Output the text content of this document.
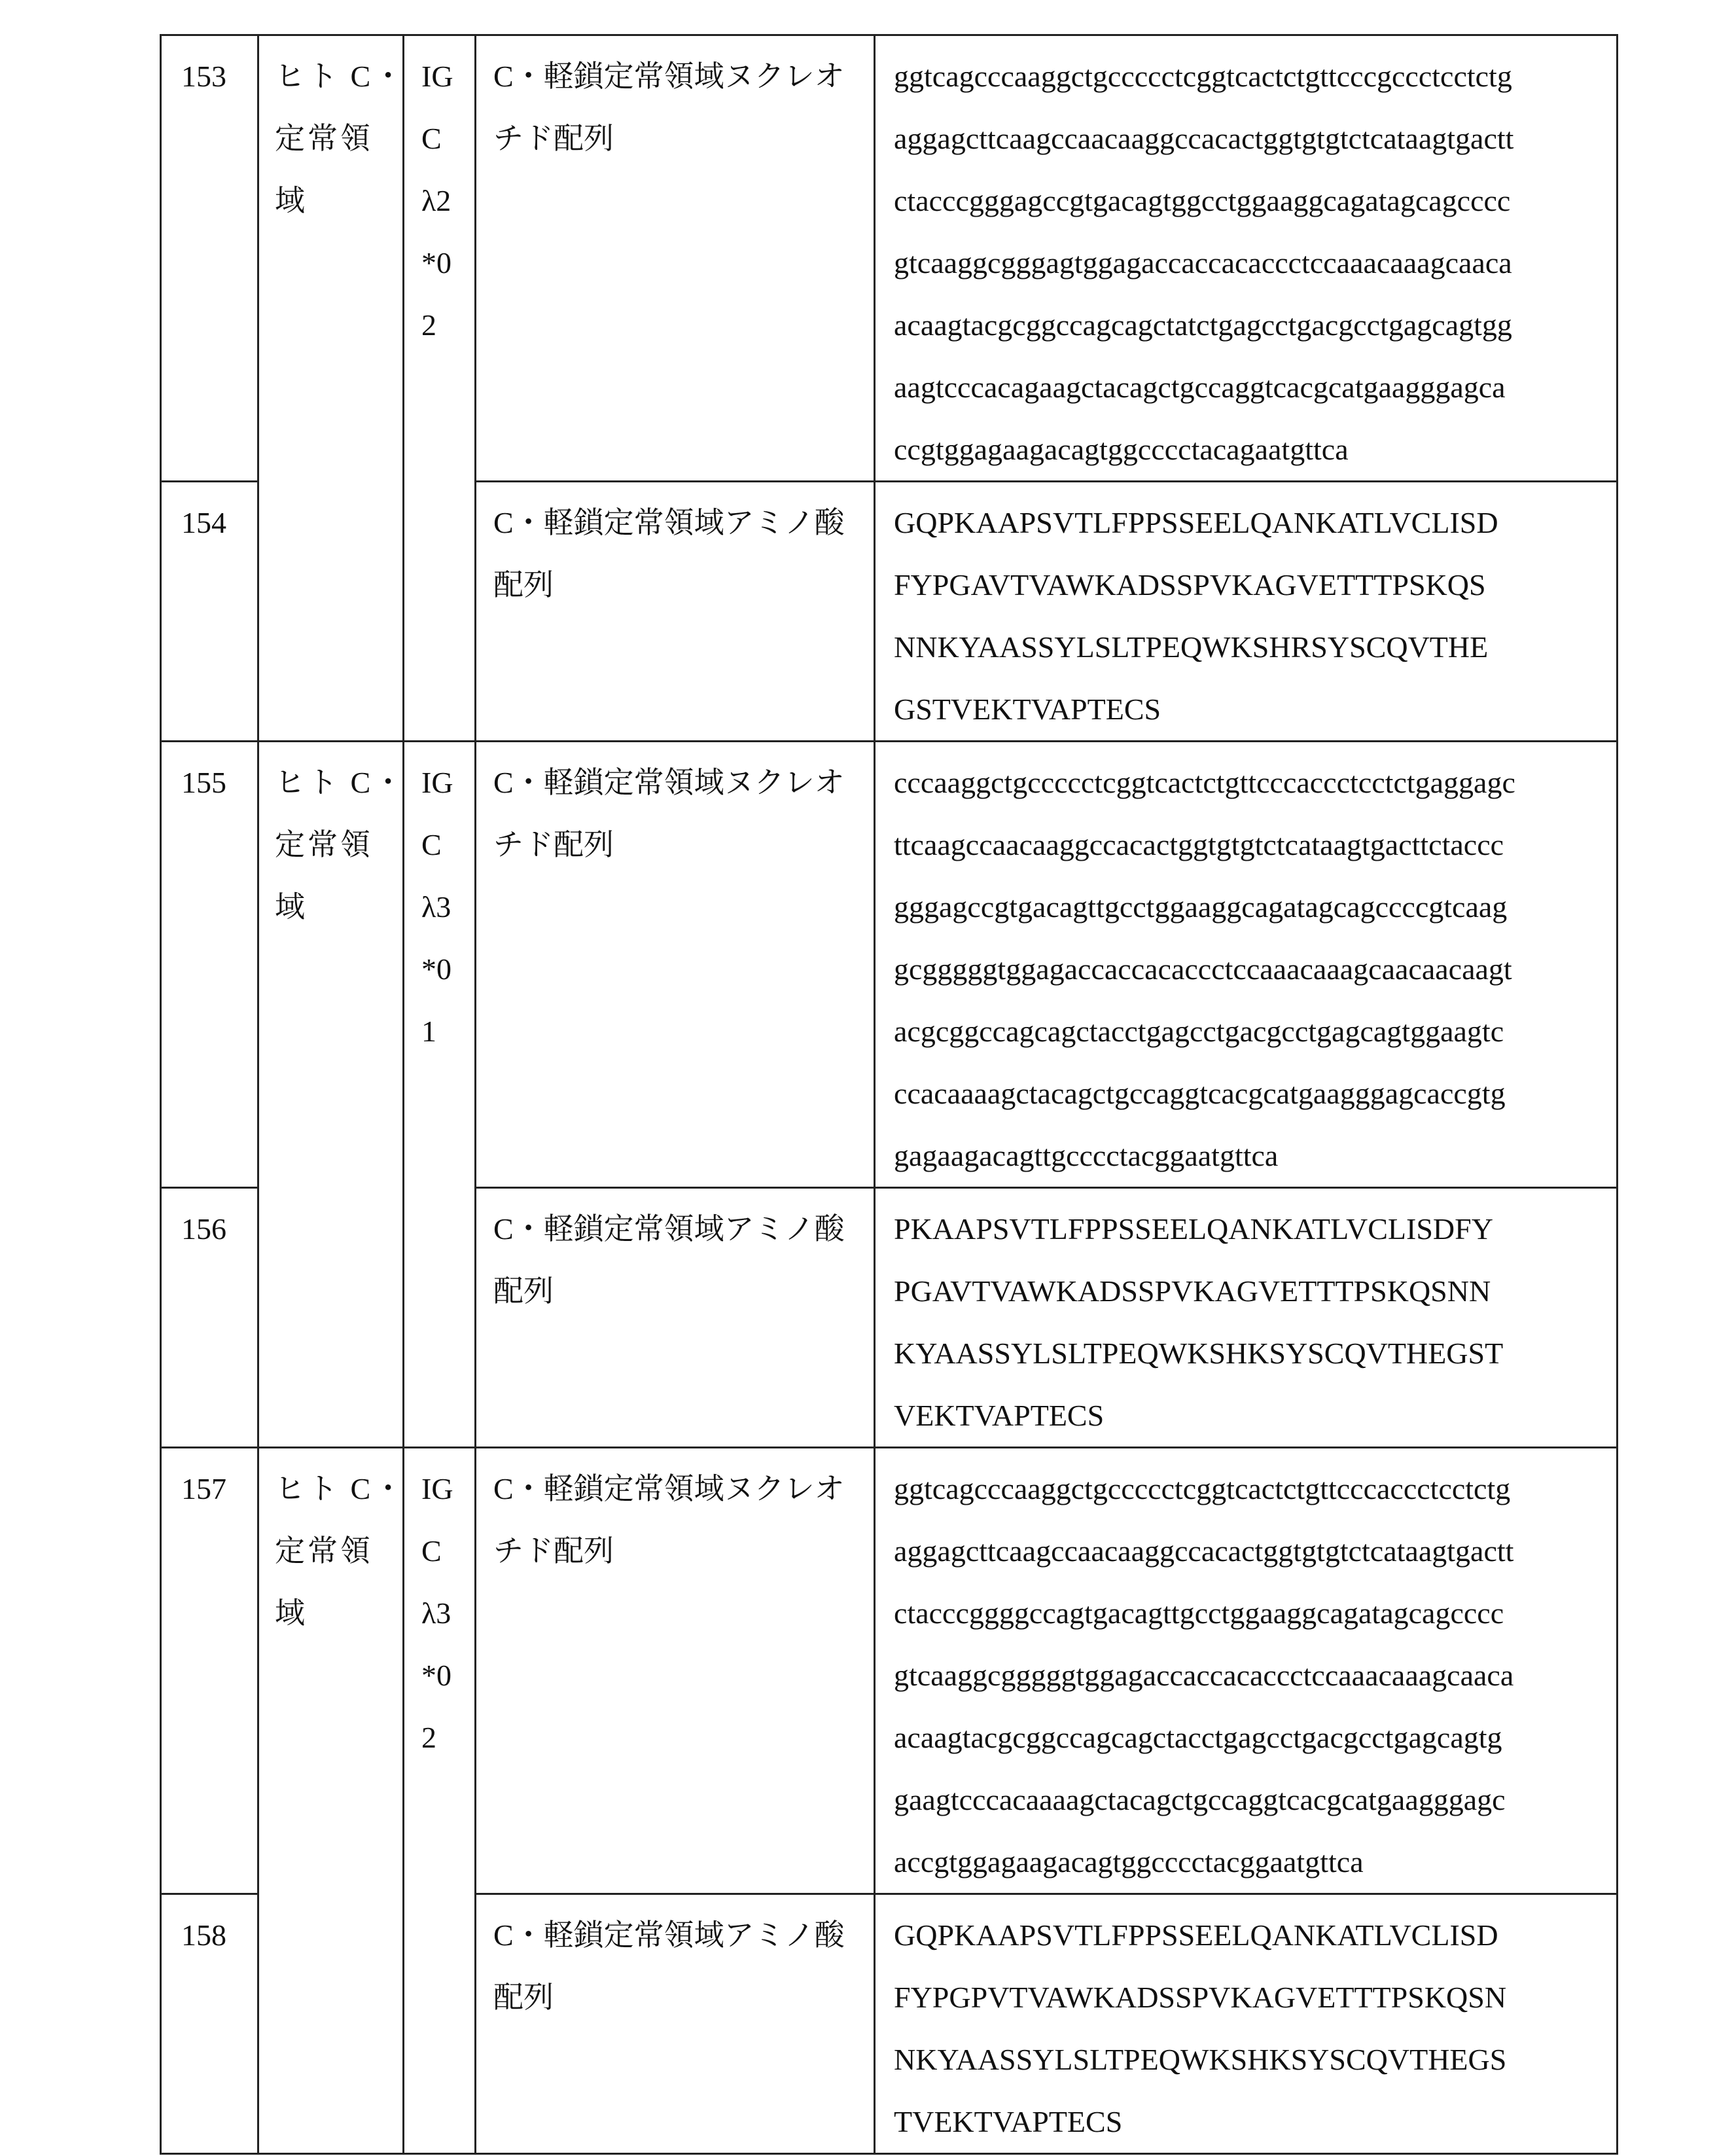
153	ヒト C・
定常領
域

IG
C
λ2
*0
2

C・軽鎖定常領域ヌクレオ
チド配列

ggtcagcccaaggctgccccctcggtcactctgttcccgccctcctctg
aggagcttcaagccaacaaggccacactggtgtgtctcataagtgactt
ctacccgggagccgtgacagtggcctggaaggcagatagcagcccc
gtcaaggcgggagtggagaccaccacaccctccaaacaaagcaaca
acaagtacgcggccagcagctatctgagcctgacgcctgagcagtgg
aagtcccacagaagctacagctgccaggtcacgcatgaagggagca
ccgtggagaagacagtggcccctacagaatgttca

154	C・軽鎖定常領域アミノ酸
配列

GQPKAAPSVTLFPPSSEELQANKATLVCLISD
FYPGAVTVAWKADSSPVKAGVETTTPSKQS
NNKYAASSYLSLTPEQWKSHRSYSCQVTHE
GSTVEKTVAPTECS

155	ヒト C・
定常領
域

IG
C
λ3
*0
1

C・軽鎖定常領域ヌクレオ
チド配列

cccaaggctgccccctcggtcactctgttcccaccctcctctgaggagc
ttcaagccaacaaggccacactggtgtgtctcataagtgacttctaccc
gggagccgtgacagttgcctggaaggcagatagcagccccgtcaag
gcgggggtggagaccaccacaccctccaaacaaagcaacaacaagt
acgcggccagcagctacctgagcctgacgcctgagcagtggaagtc
ccacaaaagctacagctgccaggtcacgcatgaagggagcaccgtg
gagaagacagttgcccctacggaatgttca

156	C・軽鎖定常領域アミノ酸
配列

PKAAPSVTLFPPSSEELQANKATLVCLISDFY
PGAVTVAWKADSSPVKAGVETTTPSKQSNN
KYAASSYLSLTPEQWKSHKSYSCQVTHEGST
VEKTVAPTECS

157	ヒト C・
定常領
域

IG
C
λ3
*0
2

C・軽鎖定常領域ヌクレオ
チド配列

ggtcagcccaaggctgccccctcggtcactctgttcccaccctcctctg
aggagcttcaagccaacaaggccacactggtgtgtctcataagtgactt
ctacccggggccagtgacagttgcctggaaggcagatagcagcccc
gtcaaggcgggggtggagaccaccacaccctccaaacaaagcaaca
acaagtacgcggccagcagctacctgagcctgacgcctgagcagtg
gaagtcccacaaaagctacagctgccaggtcacgcatgaagggagc
accgtggagaagacagtggcccctacggaatgttca

158	C・軽鎖定常領域アミノ酸
配列

GQPKAAPSVTLFPPSSEELQANKATLVCLISD
FYPGPVTVAWKADSSPVKAGVETTTPSKQSN
NKYAASSYLSLTPEQWKSHKSYSCQVTHEGS
TVEKTVAPTECS
